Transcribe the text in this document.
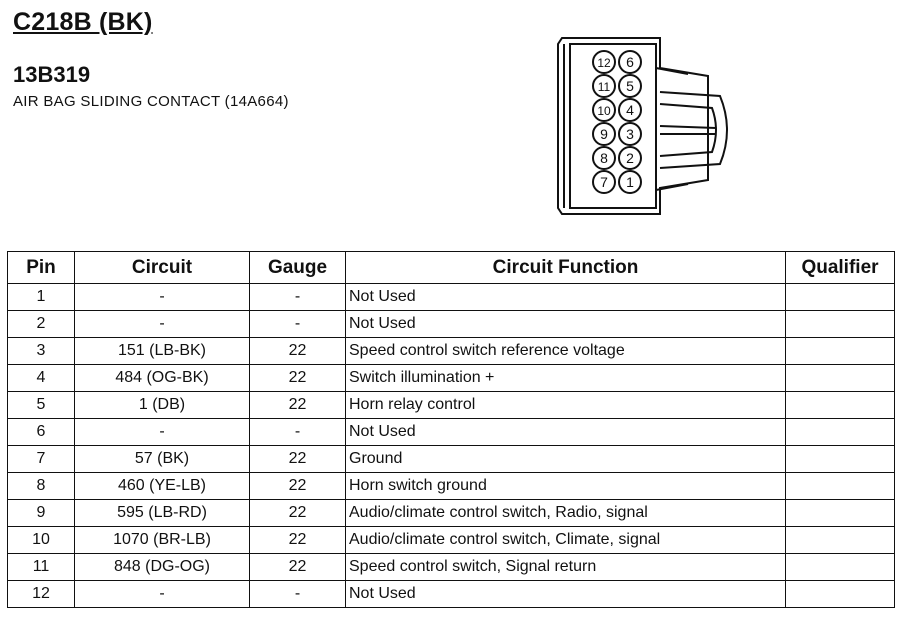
C218B (BK)
13B319
AIR BAG SLIDING CONTACT (14A664)
12 6
11 5
10 4
9 3
8 2
7 1
Pin	Circuit	Gauge	Circuit Function	Qualifier
1	-	-	Not Used	
2	-	-	Not Used	
3	151 (LB-BK)	22	Speed control switch reference voltage	
4	484 (OG-BK)	22	Switch illumination +	
5	1 (DB)	22	Horn relay control	
6	-	-	Not Used	
7	57 (BK)	22	Ground	
8	460 (YE-LB)	22	Horn switch ground	
9	595 (LB-RD)	22	Audio/climate control switch, Radio, signal	
10	1070 (BR-LB)	22	Audio/climate control switch, Climate, signal	
11	848 (DG-OG)	22	Speed control switch, Signal return	
12	-	-	Not Used	
